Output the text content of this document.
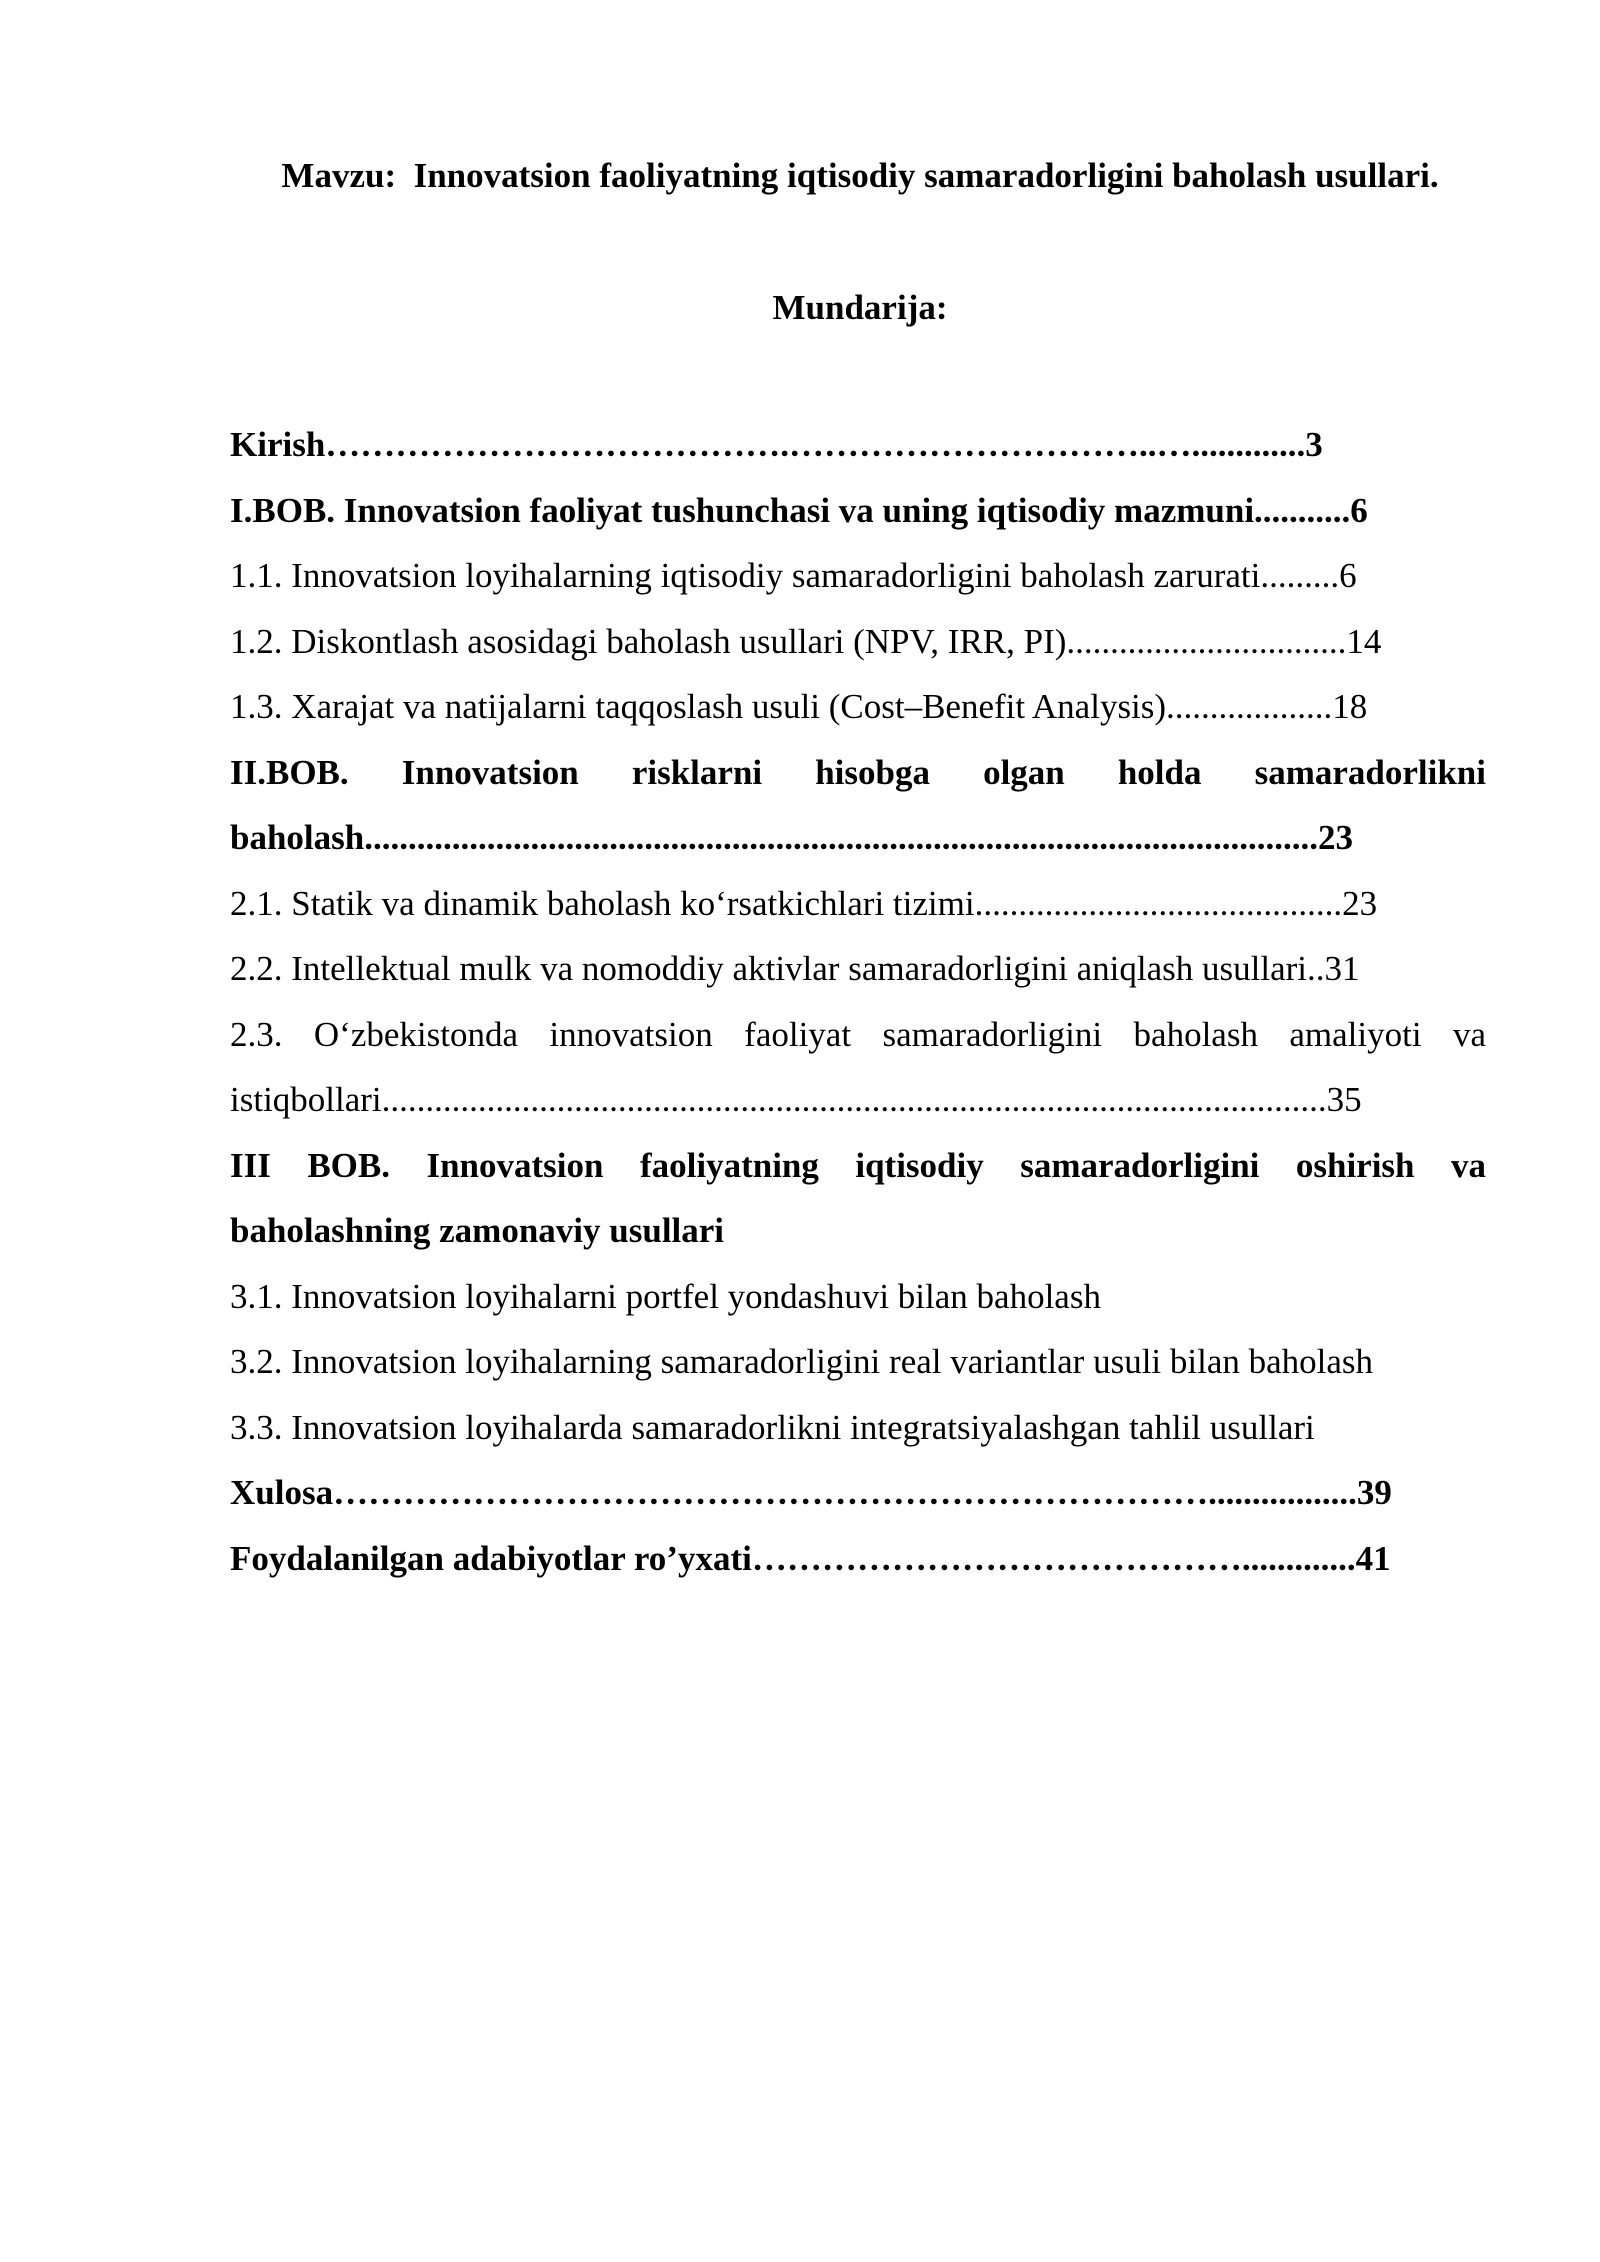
Mavzu:  Innovatsion faoliyatning iqtisodiy samaradorligini baholash usullari.
Mundarija:
Kirish………………………………….…………………………..….............3
I.BOB. Innovatsion faoliyat tushunchasi va uning iqtisodiy mazmuni...........6
1.1. Innovatsion loyihalarning iqtisodiy samaradorligini baholash zarurati.........6
1.2. Diskontlash asosidagi baholash usullari (NPV, IRR, PI)................................14
1.3. Xarajat va natijalarni taqqoslash usuli (Cost–Benefit Analysis)...................18
II.BOB. Innovatsion risklarni hisobga olgan holda samaradorlikni
baholash.............................................................................................................23
2.1. Statik va dinamik baholash koʻrsatkichlari tizimi..........................................23
2.2. Intellektual mulk va nomoddiy aktivlar samaradorligini aniqlash usullari..31
2.3. Oʻzbekistonda innovatsion faoliyat samaradorligini baholash amaliyoti va
istiqbollari............................................................................................................35
III BOB. Innovatsion faoliyatning iqtisodiy samaradorligini oshirish va
baholashning zamonaviy usullari
3.1. Innovatsion loyihalarni portfel yondashuvi bilan baholash
3.2. Innovatsion loyihalarning samaradorligini real variantlar usuli bilan baholash
3.3. Innovatsion loyihalarda samaradorlikni integratsiyalashgan tahlil usullari
Xulosa………………………………………………………………….................39
Foydalanilgan adabiyotlar ro’yxati…………………………………….............41
